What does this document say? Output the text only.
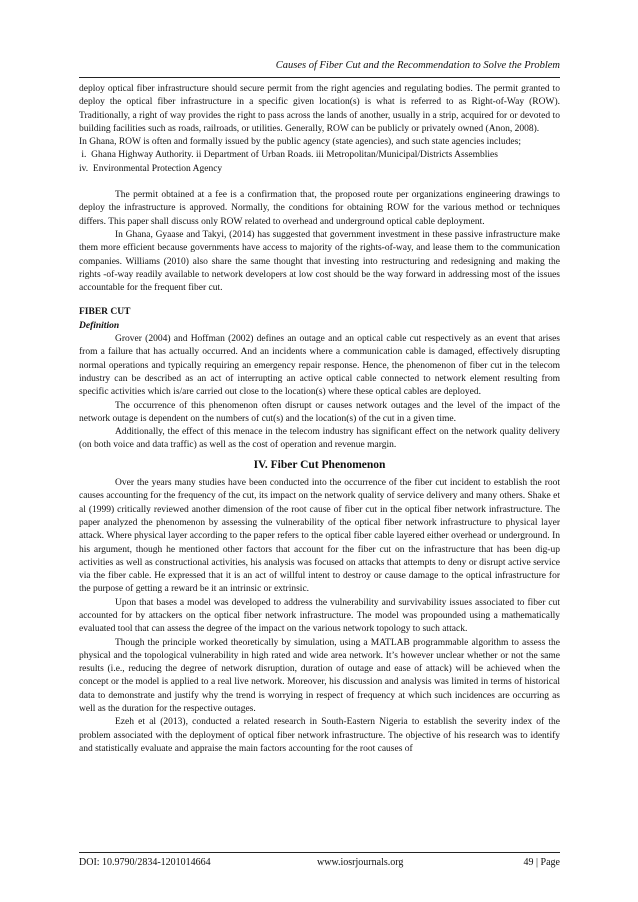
Causes of Fiber Cut and the Recommendation to Solve the Problem

deploy optical fiber infrastructure should secure permit from the right agencies and regulating bodies. The permit granted to deploy the optical fiber infrastructure in a specific given location(s) is what is referred to as Right-of-Way (ROW). Traditionally, a right of way provides the right to pass across the lands of another, usually in a strip, acquired for or devoted to building facilities such as roads, railroads, or utilities. Generally, ROW can be publicly or privately owned (Anon, 2008).

In Ghana, ROW is often and formally issued by the public agency (state agencies), and such state agencies includes;

i.  Ghana Highway Authority. ii Department of Urban Roads. iii Metropolitan/Municipal/Districts Assemblies

iv.  Environmental Protection Agency

The permit obtained at a fee is a confirmation that, the proposed route per organizations engineering drawings to deploy the infrastructure is approved. Normally, the conditions for obtaining ROW for the various method or techniques differs. This paper shall discuss only ROW related to overhead and underground optical cable deployment.

In Ghana, Gyaase and Takyi, (2014) has suggested that government investment in these passive infrastructure make them more efficient because governments have access to majority of the rights-of-way, and lease them to the communication companies. Williams (2010) also share the same thought that investing into restructuring and redesigning and making the rights -of-way readily available to network developers at low cost should be the way forward in addressing most of the issues accountable for the frequent fiber cut.

FIBER CUT
Definition

Grover (2004) and Hoffman (2002) defines an outage and an optical cable cut respectively as an event that arises from a failure that has actually occurred. And an incidents where a communication cable is damaged, effectively disrupting normal operations and typically requiring an emergency repair response. Hence, the phenomenon of fiber cut in the telecom industry can be described as an act of interrupting an active optical cable connected to network element resulting from specific activities which is/are carried out close to the location(s) where these optical cables are deployed.

The occurrence of this phenomenon often disrupt or causes network outages and the level of the impact of the network outage is dependent on the numbers of cut(s) and the location(s) of the cut in a given time.

Additionally, the effect of this menace in the telecom industry has significant effect on the network quality delivery (on both voice and data traffic) as well as the cost of operation and revenue margin.

IV. Fiber Cut Phenomenon

Over the years many studies have been conducted into the occurrence of the fiber cut incident to establish the root causes accounting for the frequency of the cut, its impact on the network quality of service delivery and many others. Shake et al (1999) critically reviewed another dimension of the root cause of fiber cut in the optical fiber network infrastructure. The paper analyzed the phenomenon by assessing the vulnerability of the optical fiber network infrastructure to physical layer attack. Where physical layer according to the paper refers to the optical fiber cable layered either overhead or underground. In his argument, though he mentioned other factors that account for the fiber cut on the infrastructure that has been dig-up activities as well as constructional activities, his analysis was focused on attacks that attempts to deny or disrupt active service via the fiber cable. He expressed that it is an act of willful intent to destroy or cause damage to the optical infrastructure for the purpose of getting a reward be it an intrinsic or extrinsic.

Upon that bases a model was developed to address the vulnerability and survivability issues associated to fiber cut accounted for by attackers on the optical fiber network infrastructure. The model was propounded using a mathematically evaluated tool that can assess the degree of the impact on the various network topology to such attack.

Though the principle worked theoretically by simulation, using a MATLAB programmable algorithm to assess the physical and the topological vulnerability in high rated and wide area network. It’s however unclear whether or not the same results (i.e., reducing the degree of network disruption, duration of outage and ease of attack) will be achieved when the concept or the model is applied to a real live network. Moreover, his discussion and analysis was limited in terms of historical data to demonstrate and justify why the trend is worrying in respect of frequency at which such incidences are occurring as well as the duration for the respective outages.

Ezeh et al (2013), conducted a related research in South-Eastern Nigeria to establish the severity index of the problem associated with the deployment of optical fiber network infrastructure. The objective of his research was to identify and statistically evaluate and appraise the main factors accounting for the root causes of

DOI: 10.9790/2834-1201014664	www.iosrjournals.org	49 | Page
